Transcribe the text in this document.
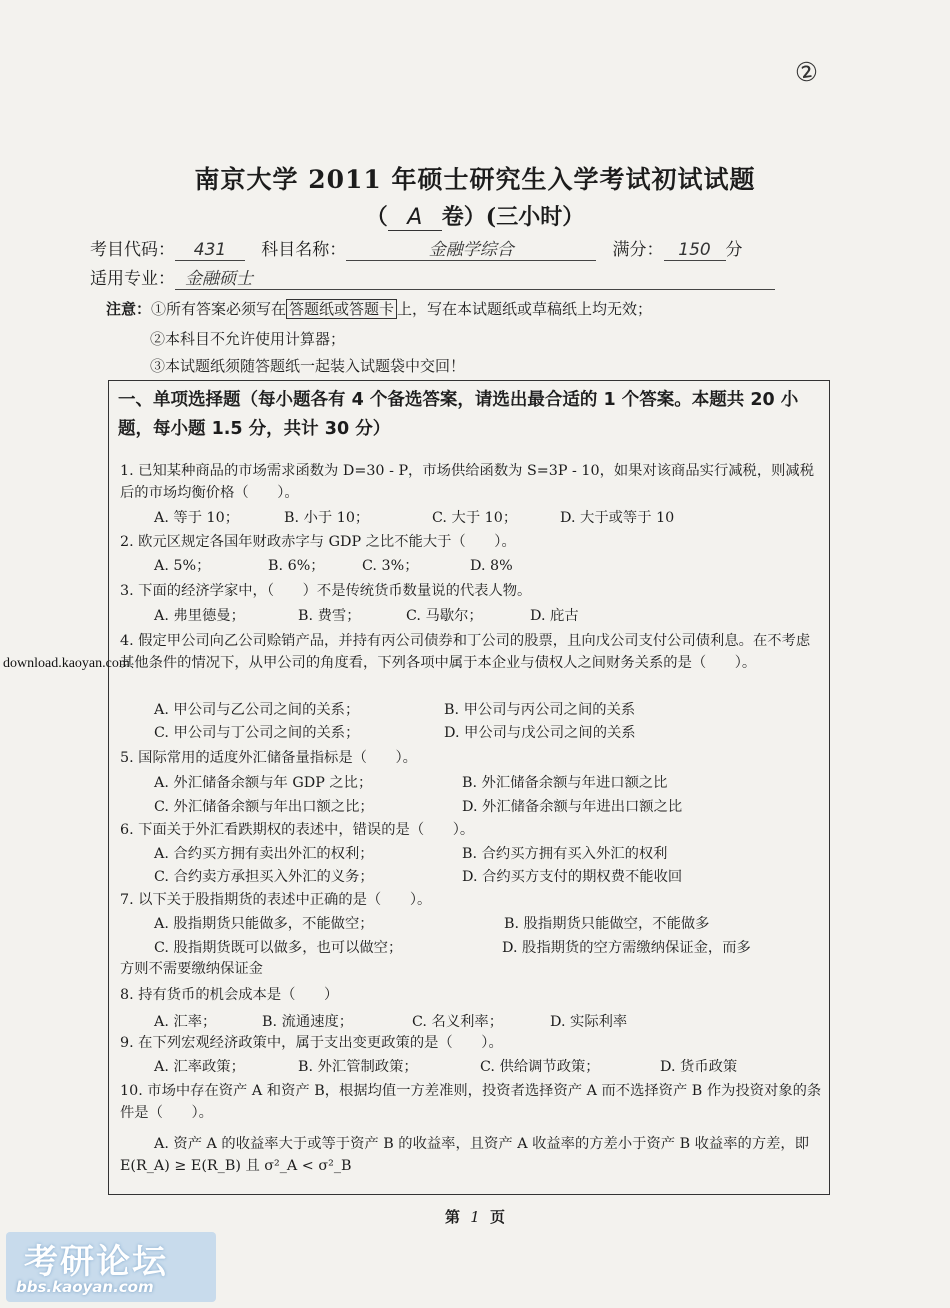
②
南京大学 2011 年硕士研究生入学考试初试试题
（ A 卷）(三小时）
考目代码： 431 科目名称：	金融学综合	满分： 150 分
适用专业： 金融硕士
注意：①所有答案必须写在 答题纸或答题卡 上，写在本试题纸或草稿纸上均无效；
②本科目不允许使用计算器；
③本试题纸须随答题纸一起装入试题袋中交回！
一、单项选择题（每小题各有 4 个备选答案，请选出最合适的 1 个答案。本题共 20 小题，每小题 1.5 分，共计 30 分）
1. 已知某种商品的市场需求函数为 D=30 - P，市场供给函数为 S=3P - 10，如果对该商品实行减税，则减税后的市场均衡价格（　　）。
A. 等于 10；	B. 小于 10；	C. 大于 10；	D. 大于或等于 10
2. 欧元区规定各国年财政赤字与 GDP 之比不能大于（　　）。
A. 5%；	B. 6%；	C. 3%；	D. 8%
3. 下面的经济学家中，（　　）不是传统货币数量说的代表人物。
A. 弗里德曼；	B. 费雪；	C. 马歇尔；	D. 庇古
4. 假定甲公司向乙公司赊销产品，并持有丙公司债券和丁公司的股票，且向戊公司支付公司债利息。在不考虑其他条件的情况下，从甲公司的角度看，下列各项中属于本企业与债权人之间财务关系的是（　　）。
A. 甲公司与乙公司之间的关系；	B. 甲公司与丙公司之间的关系
C. 甲公司与丁公司之间的关系；	D. 甲公司与戊公司之间的关系
5. 国际常用的适度外汇储备量指标是（　　）。
A. 外汇储备余额与年 GDP 之比；	B. 外汇储备余额与年进口额之比
C. 外汇储备余额与年出口额之比；	D. 外汇储备余额与年进出口额之比
6. 下面关于外汇看跌期权的表述中，错误的是（　　）。
A. 合约买方拥有卖出外汇的权利；	B. 合约买方拥有买入外汇的权利
C. 合约卖方承担买入外汇的义务；	D. 合约买方支付的期权费不能收回
7. 以下关于股指期货的表述中正确的是（　　）。
A. 股指期货只能做多，不能做空；	B. 股指期货只能做空，不能做多
C. 股指期货既可以做多，也可以做空；	D. 股指期货的空方需缴纳保证金，而多
方则不需要缴纳保证金
8. 持有货币的机会成本是（　　）
A. 汇率；	B. 流通速度；	C. 名义利率；	D. 实际利率
9. 在下列宏观经济政策中，属于支出变更政策的是（　　）。
A. 汇率政策；	B. 外汇管制政策；	C. 供给调节政策；	D. 货币政策
10. 市场中存在资产 A 和资产 B，根据均值一方差准则，投资者选择资产 A 而不选择资产 B 作为投资对象的条件是（　　）。
A. 资产 A 的收益率大于或等于资产 B 的收益率，且资产 A 收益率的方差小于资产 B 收益率的方差，即 E(R_A) ≥ E(R_B) 且 σ²_A < σ²_B
第 1 页
download.kaoyan.com
考研论坛
bbs.kaoyan.com
